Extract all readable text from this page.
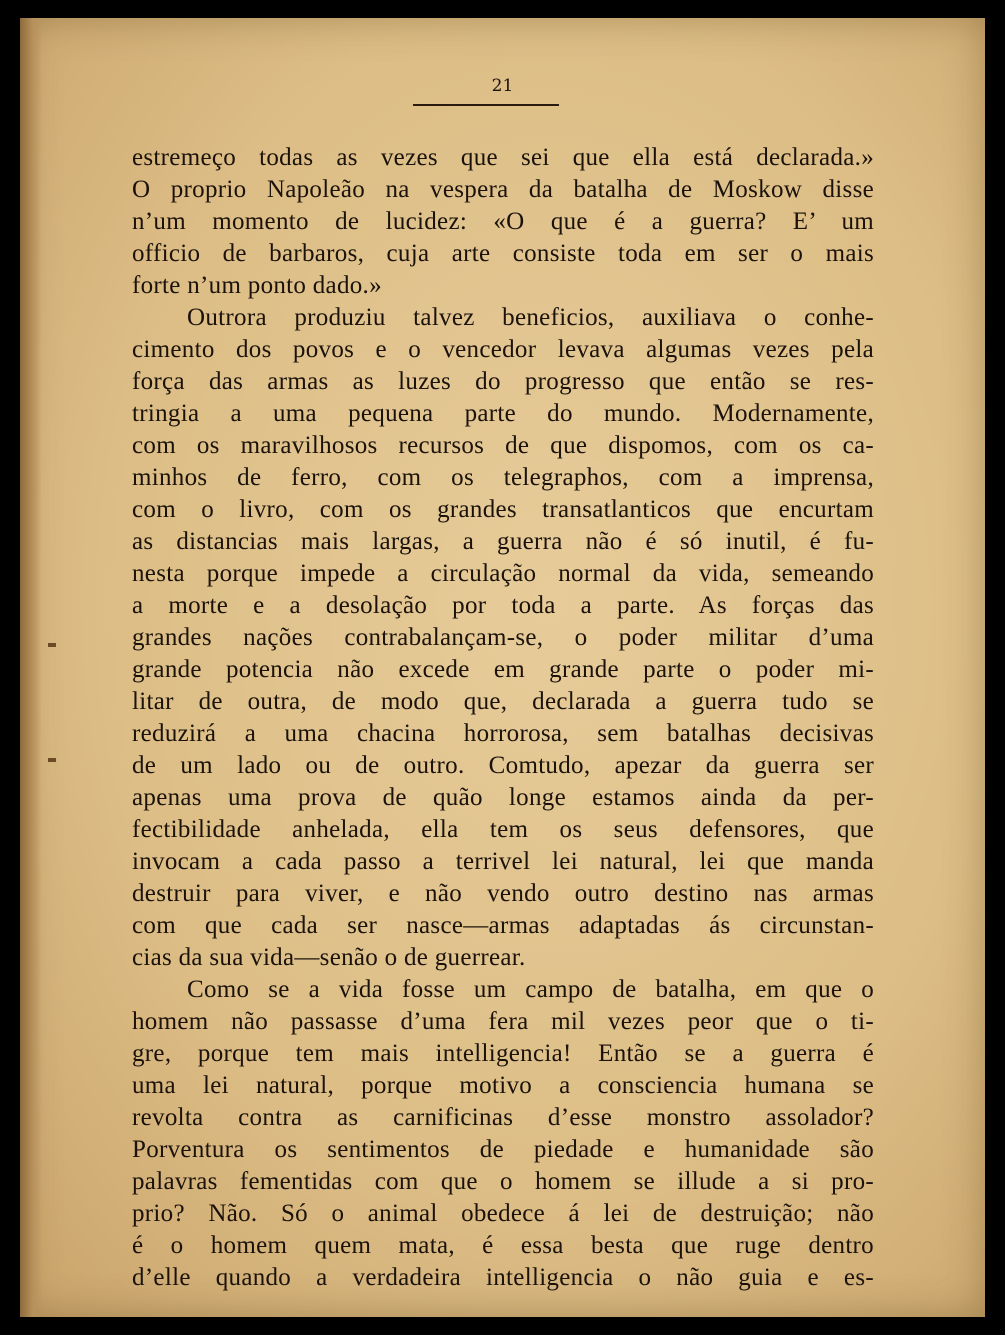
21
estremeço todas as vezes que sei que ella está declarada.»
O proprio Napoleão na vespera da batalha de Moskow disse
n’um momento de lucidez: «O que é a guerra? E’ um
officio de barbaros, cuja arte consiste toda em ser o mais
forte n’um ponto dado.»
Outrora produziu talvez beneficios, auxiliava o conhe-
cimento dos povos e o vencedor levava algumas vezes pela
força das armas as luzes do progresso que então se res-
tringia a uma pequena parte do mundo. Modernamente,
com os maravilhosos recursos de que dispomos, com os ca-
minhos de ferro, com os telegraphos, com a imprensa,
com o livro, com os grandes transatlanticos que encurtam
as distancias mais largas, a guerra não é só inutil, é fu-
nesta porque impede a circulação normal da vida, semeando
a morte e a desolação por toda a parte. As forças das
grandes nações contrabalançam-se, o poder militar d’uma
grande potencia não excede em grande parte o poder mi-
litar de outra, de modo que, declarada a guerra tudo se
reduzirá a uma chacina horrorosa, sem batalhas decisivas
de um lado ou de outro. Comtudo, apezar da guerra ser
apenas uma prova de quão longe estamos ainda da per-
fectibilidade anhelada, ella tem os seus defensores, que
invocam a cada passo a terrivel lei natural, lei que manda
destruir para viver, e não vendo outro destino nas armas
com que cada ser nasce—armas adaptadas ás circunstan-
cias da sua vida—senão o de guerrear.
Como se a vida fosse um campo de batalha, em que o
homem não passasse d’uma fera mil vezes peor que o ti-
gre, porque tem mais intelligencia! Então se a guerra é
uma lei natural, porque motivo a consciencia humana se
revolta contra as carnificinas d’esse monstro assolador?
Porventura os sentimentos de piedade e humanidade são
palavras fementidas com que o homem se illude a si pro-
prio? Não. Só o animal obedece á lei de destruição; não
é o homem quem mata, é essa besta que ruge dentro
d’elle quando a verdadeira intelligencia o não guia e es-
